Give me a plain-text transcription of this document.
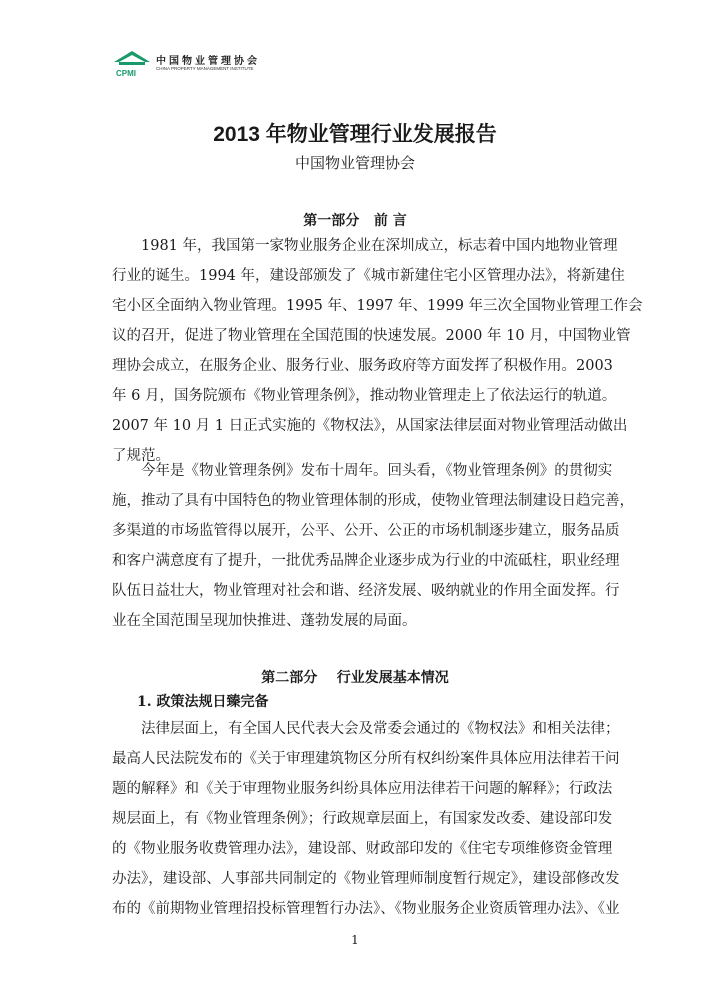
CPMI
中国物业管理协会
CHINA PROPERTY MANAGEMENT INSTITUTE
2013 年物业管理行业发展报告
中国物业管理协会
第一部分   前 言
1981 年，我国第一家物业服务企业在深圳成立，标志着中国内地物业管理
行业的诞生。1994 年，建设部颁发了《城市新建住宅小区管理办法》，将新建住
宅小区全面纳入物业管理。1995 年、1997 年、1999 年三次全国物业管理工作会
议的召开，促进了物业管理在全国范围的快速发展。2000 年 10 月，中国物业管
理协会成立，在服务企业、服务行业、服务政府等方面发挥了积极作用。2003
年 6 月，国务院颁布《物业管理条例》，推动物业管理走上了依法运行的轨道。
2007 年 10 月 1 日正式实施的《物权法》，从国家法律层面对物业管理活动做出
了规范。
今年是《物业管理条例》发布十周年。回头看，《物业管理条例》的贯彻实
施，推动了具有中国特色的物业管理体制的形成，使物业管理法制建设日趋完善，
多渠道的市场监管得以展开，公平、公开、公正的市场机制逐步建立，服务品质
和客户满意度有了提升，一批优秀品牌企业逐步成为行业的中流砥柱，职业经理
队伍日益壮大，物业管理对社会和谐、经济发展、吸纳就业的作用全面发挥。行
业在全国范围呈现加快推进、蓬勃发展的局面。
第二部分    行业发展基本情况
1. 政策法规日臻完备
法律层面上，有全国人民代表大会及常委会通过的《物权法》和相关法律；
最高人民法院发布的《关于审理建筑物区分所有权纠纷案件具体应用法律若干问
题的解释》和《关于审理物业服务纠纷具体应用法律若干问题的解释》；行政法
规层面上，有《物业管理条例》；行政规章层面上，有国家发改委、建设部印发
的《物业服务收费管理办法》，建设部、财政部印发的《住宅专项维修资金管理
办法》，建设部、人事部共同制定的《物业管理师制度暂行规定》，建设部修改发
布的《前期物业管理招投标管理暂行办法》、《物业服务企业资质管理办法》、《业
1
